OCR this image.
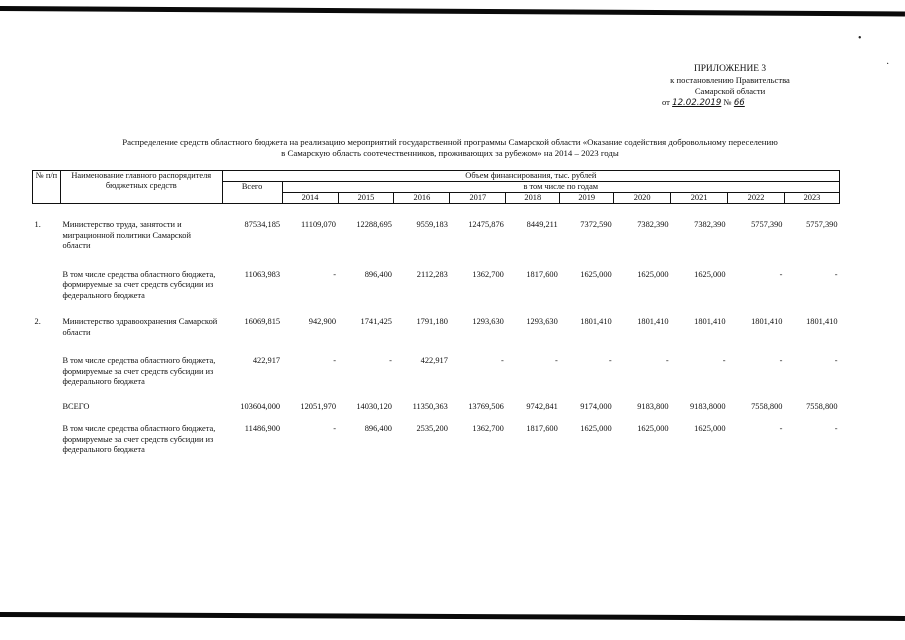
•
·
ПРИЛОЖЕНИЕ 3
к постановлению Правительства
Самарской области
от 12.02.2019 № 66
Распределение средств областного бюджета на реализацию мероприятий государственной программы Самарской области «Оказание содействия добровольному переселению
в Самарскую область соотечественников, проживающих за рубежом» на 2014 – 2023 годы
№ п/п	Наименование главного распорядителя бюджетных средств	Объем финансирования, тыс. рублей										
		Всего	в том числе по годам									
			2014	2015	2016	2017	2018	2019	2020	2021	2022	2023

1.	Министерство труда, занятости и миграционной политики Самарской области	87534,185	11109,070	12288,695	9559,183	12475,876	8449,211	7372,590	7382,390	7382,390	5757,390	5757,390

	В том числе средства областного бюджета, формируемые за счет средств субсидии из федерального бюджета	11063,983	-	896,400	2112,283	1362,700	1817,600	1625,000	1625,000	1625,000	-	-

2.	Министерство здравоохранения Самарской области	16069,815	942,900	1741,425	1791,180	1293,630	1293,630	1801,410	1801,410	1801,410	1801,410	1801,410

	В том числе средства областного бюджета, формируемые за счет средств субсидии из федерального бюджета	422,917	-	-	422,917	-	-	-	-	-	-	-

	ВСЕГО	103604,000	12051,970	14030,120	11350,363	13769,506	9742,841	9174,000	9183,800	9183,8000	7558,800	7558,800

	В том числе средства областного бюджета, формируемые за счет средств субсидии из федерального бюджета	11486,900	-	896,400	2535,200	1362,700	1817,600	1625,000	1625,000	1625,000	-	-
